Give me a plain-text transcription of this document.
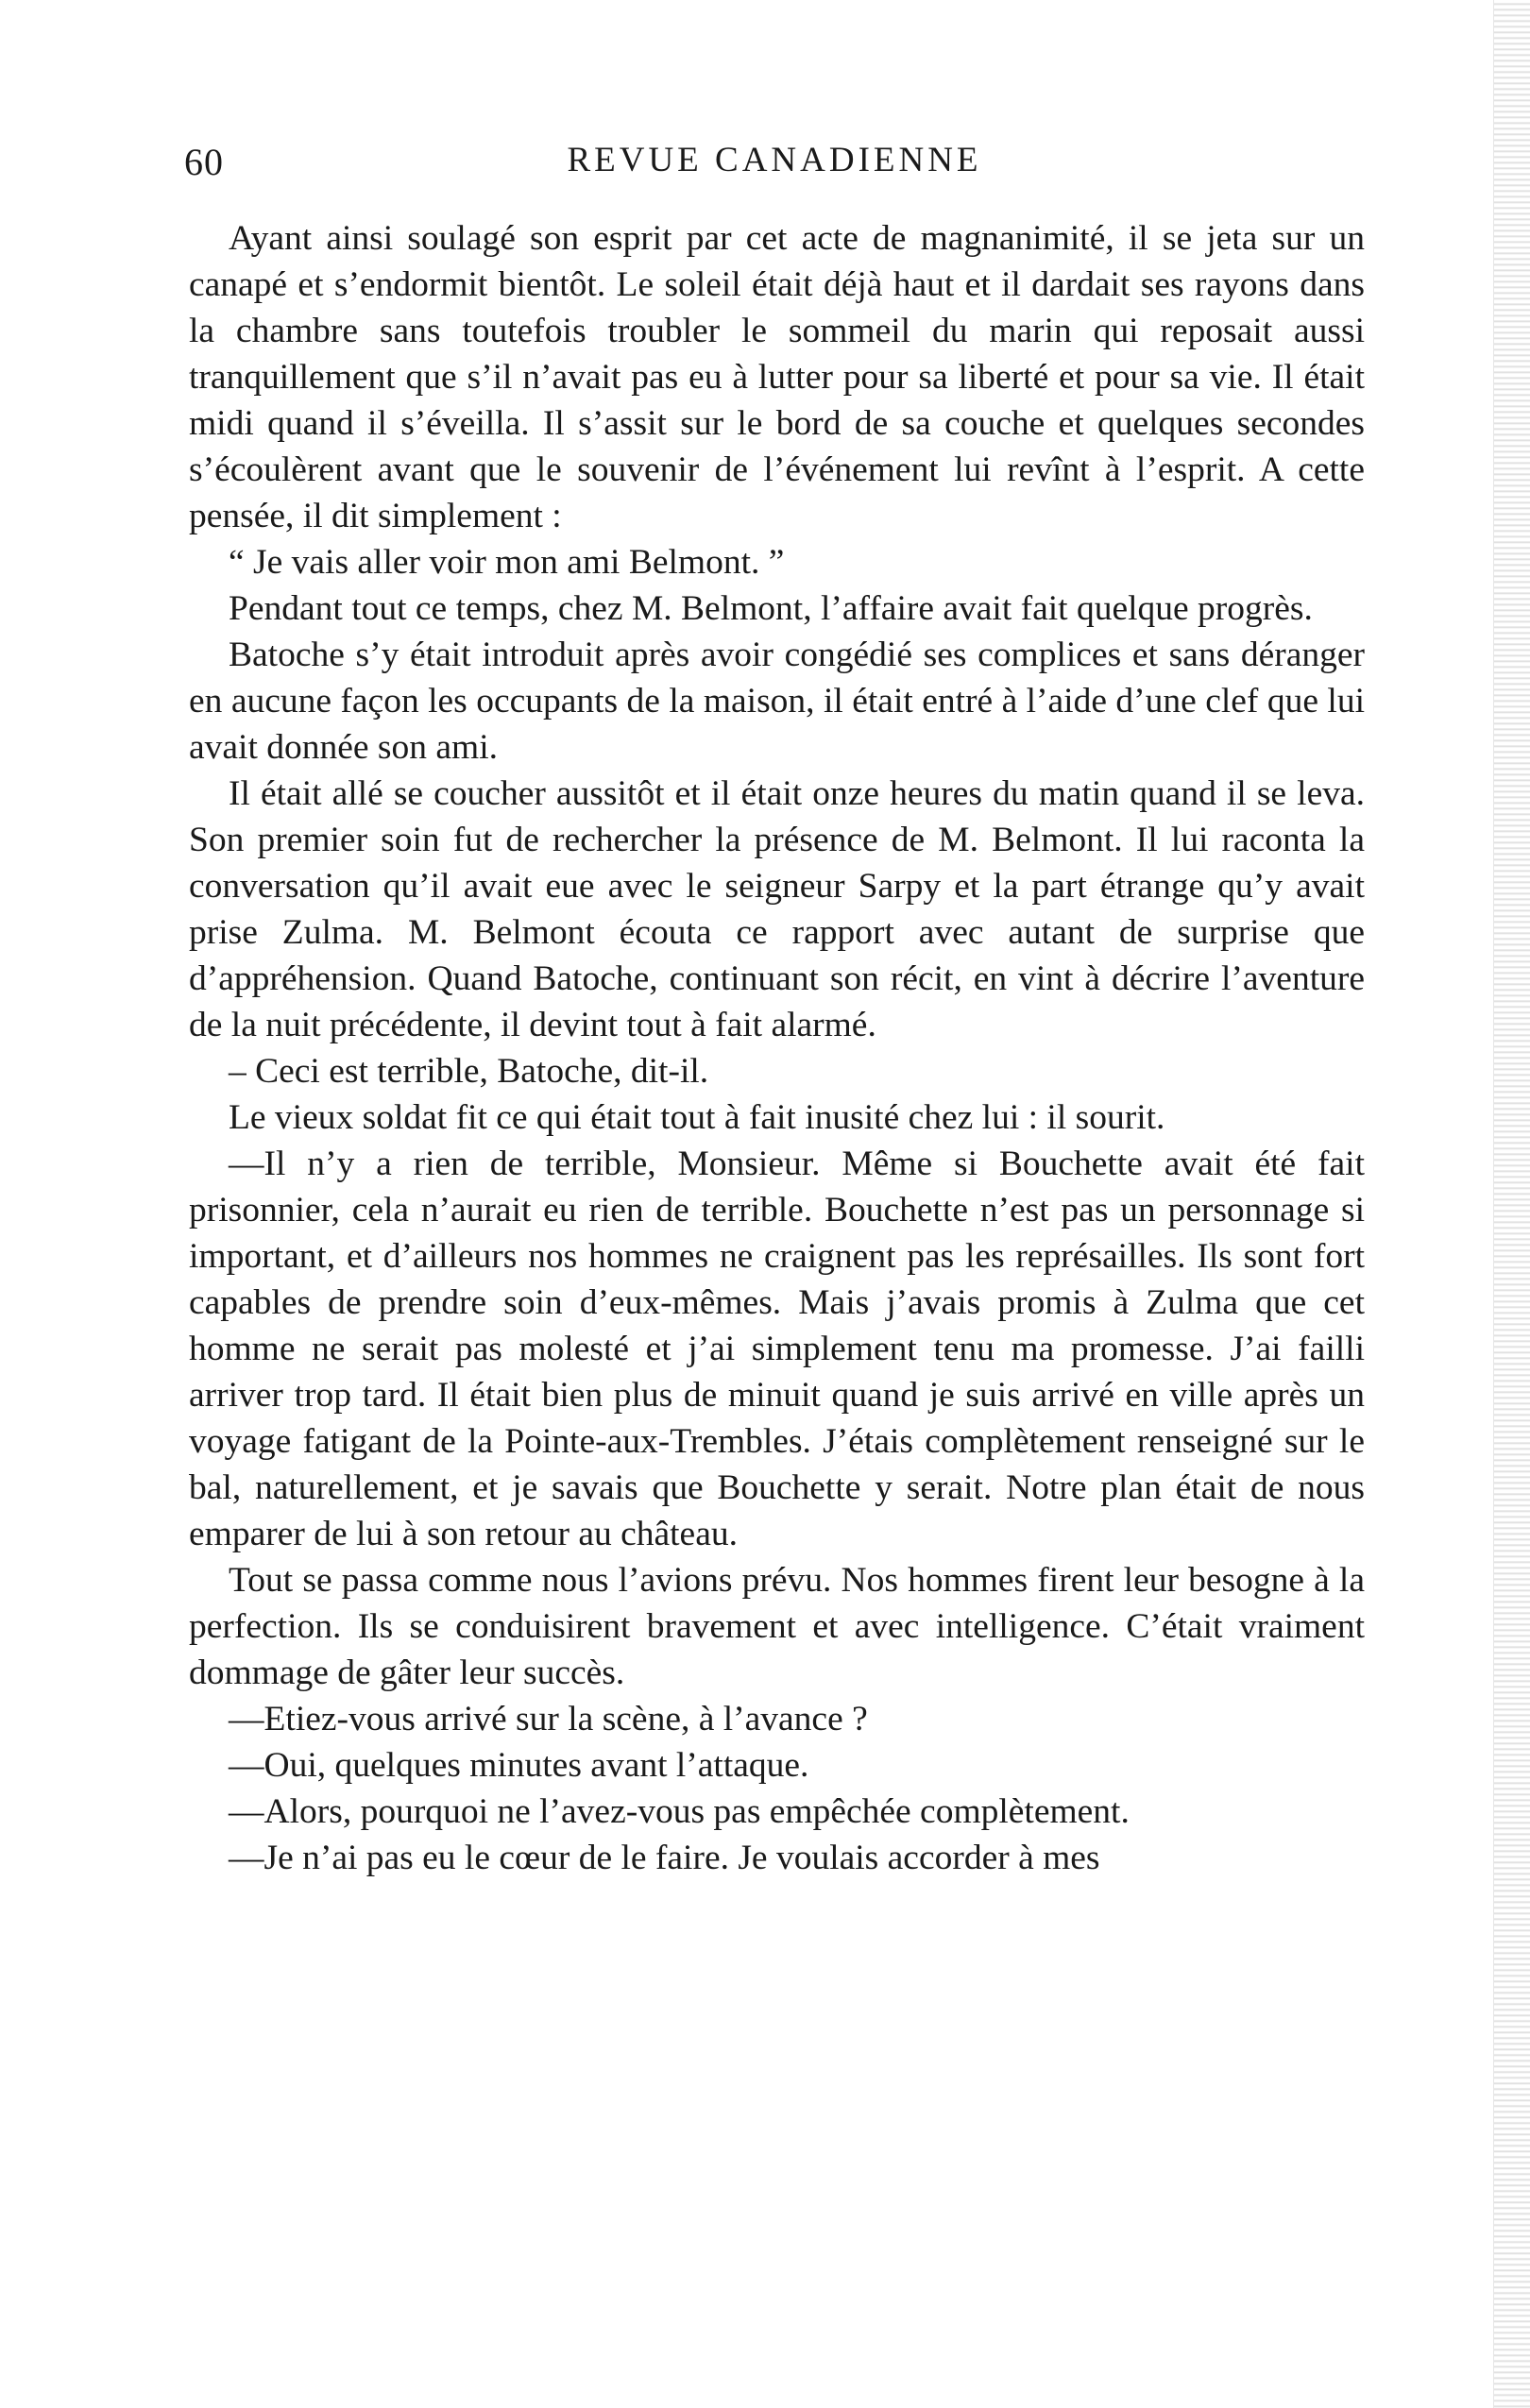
60	REVUE CANADIENNE

Ayant ainsi soulagé son esprit par cet acte de magnanimité, il se jeta sur un canapé et s’endormit bientôt. Le soleil était déjà haut et il dardait ses rayons dans la chambre sans toutefois troubler le sommeil du marin qui reposait aussi tranquillement que s’il n’avait pas eu à lutter pour sa liberté et pour sa vie. Il était midi quand il s’éveilla. Il s’assit sur le bord de sa couche et quelques secondes s’écoulèrent avant que le souvenir de l’événement lui revînt à l’esprit. A cette pensée, il dit simplement :

“ Je vais aller voir mon ami Belmont. ”

Pendant tout ce temps, chez M. Belmont, l’affaire avait fait quelque progrès.

Batoche s’y était introduit après avoir congédié ses complices et sans déranger en aucune façon les occupants de la maison, il était entré à l’aide d’une clef que lui avait donnée son ami.

Il était allé se coucher aussitôt et il était onze heures du matin quand il se leva. Son premier soin fut de rechercher la présence de M. Belmont. Il lui raconta la conversation qu’il avait eue avec le seigneur Sarpy et la part étrange qu’y avait prise Zulma. M. Belmont écouta ce rapport avec autant de surprise que d’appréhension. Quand Batoche, continuant son récit, en vint à décrire l’aventure de la nuit précédente, il devint tout à fait alarmé.

– Ceci est terrible, Batoche, dit-il.

Le vieux soldat fit ce qui était tout à fait inusité chez lui : il sourit.

—Il n’y a rien de terrible, Monsieur. Même si Bouchette avait été fait prisonnier, cela n’aurait eu rien de terrible. Bouchette n’est pas un personnage si important, et d’ailleurs nos hommes ne craignent pas les représailles. Ils sont fort capables de prendre soin d’eux-mêmes. Mais j’avais promis à Zulma que cet homme ne serait pas molesté et j’ai simplement tenu ma promesse. J’ai failli arriver trop tard. Il était bien plus de minuit quand je suis arrivé en ville après un voyage fatigant de la Pointe-aux-Trembles. J’étais complètement renseigné sur le bal, naturellement, et je savais que Bouchette y serait. Notre plan était de nous emparer de lui à son retour au château.

Tout se passa comme nous l’avions prévu. Nos hommes firent leur besogne à la perfection. Ils se conduisirent bravement et avec intelligence. C’était vraiment dommage de gâter leur succès.

—Etiez-vous arrivé sur la scène, à l’avance ?

—Oui, quelques minutes avant l’attaque.

—Alors, pourquoi ne l’avez-vous pas empêchée complètement.

—Je n’ai pas eu le cœur de le faire. Je voulais accorder à mes
